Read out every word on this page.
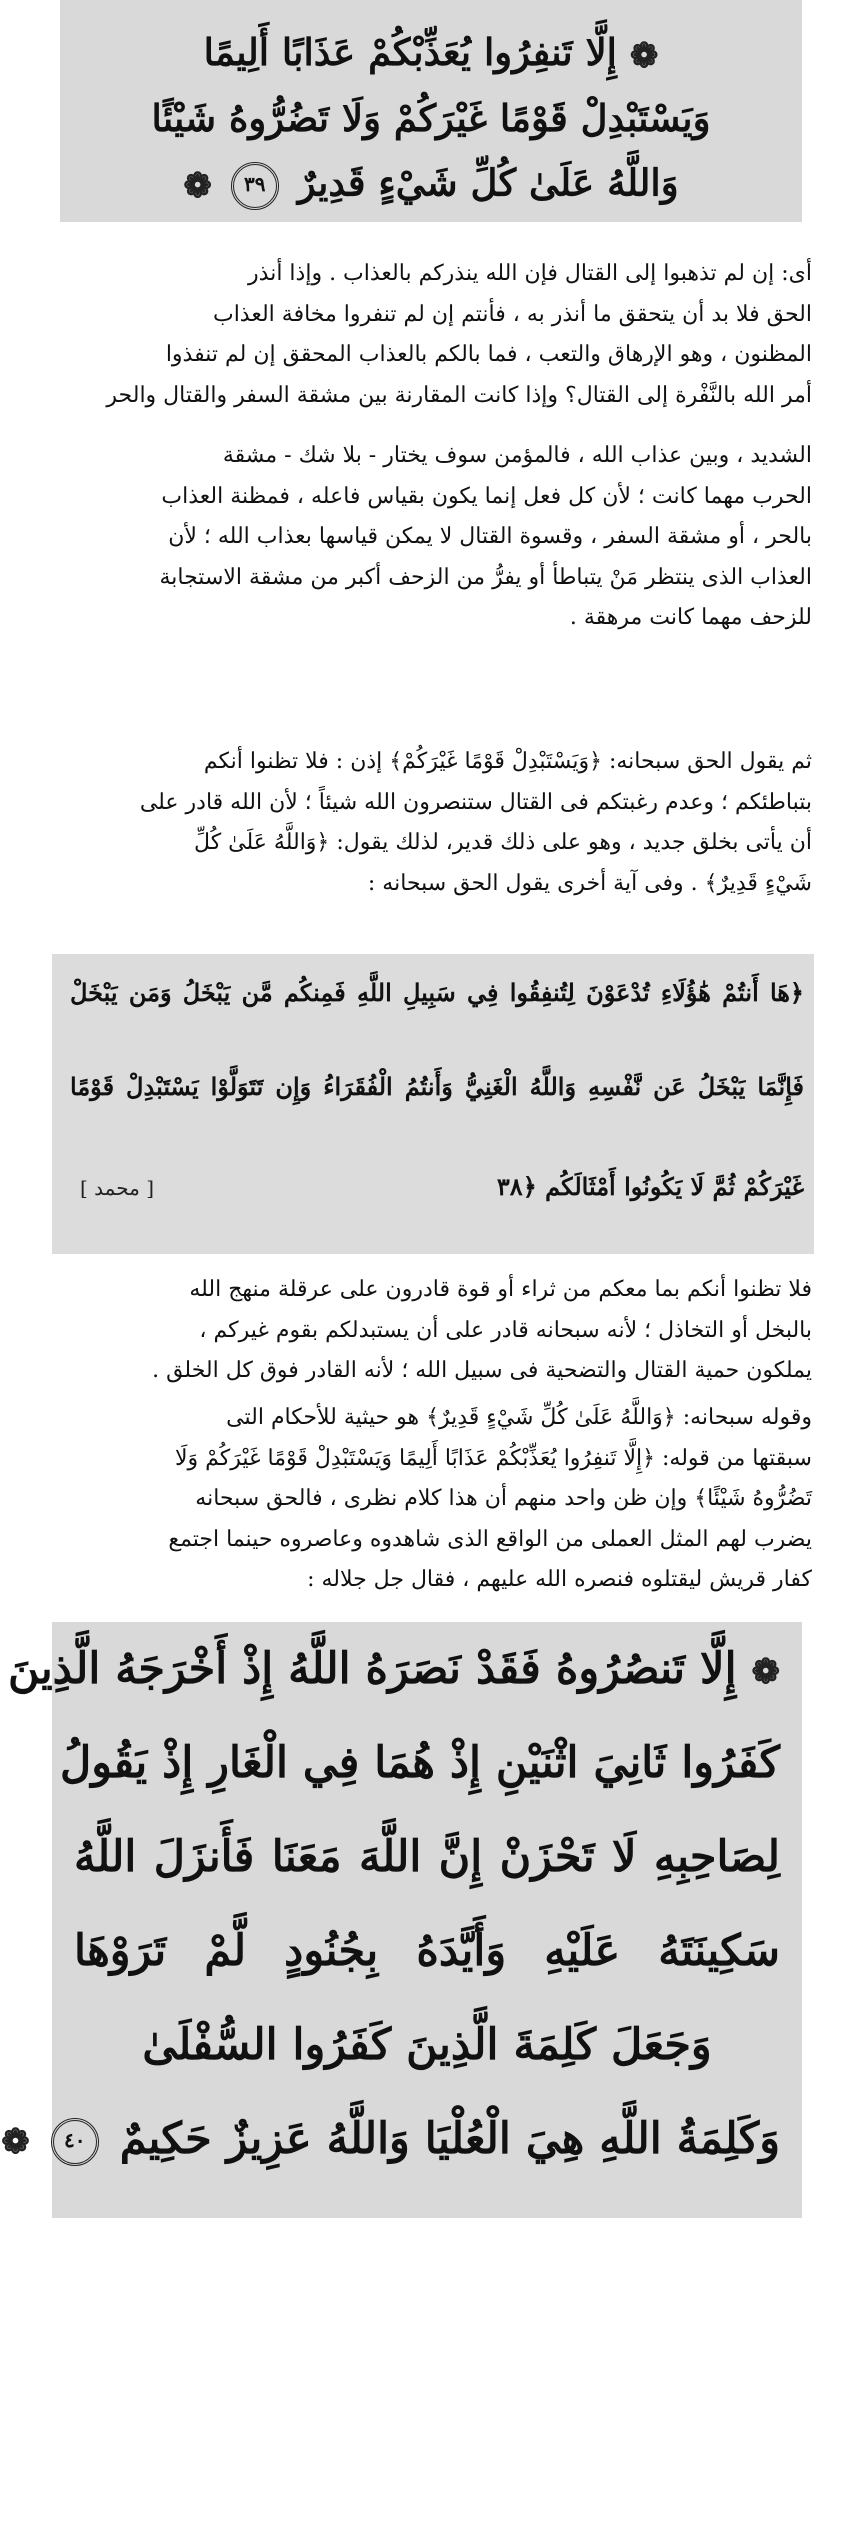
❁ إِلَّا تَنفِرُوا يُعَذِّبْكُمْ عَذَابًا أَلِيمًا
وَيَسْتَبْدِلْ قَوْمًا غَيْرَكُمْ وَلَا تَضُرُّوهُ شَيْئًا
وَاللَّهُ عَلَىٰ كُلِّ شَيْءٍ قَدِيرٌ ٣٩ ❁
أى: إن لم تذهبوا إلى القتال فإن الله ينذركم بالعذاب . وإذا أنذر
الحق فلا بد أن يتحقق ما أنذر به ، فأنتم إن لم تنفروا مخافة العذاب
المظنون ، وهو الإرهاق والتعب ، فما بالكم بالعذاب المحقق إن لم تنفذوا
أمر الله بالنَّفْرة إلى القتال؟ وإذا كانت المقارنة بين مشقة السفر والقتال والحر
الشديد ، وبين عذاب الله ، فالمؤمن سوف يختار - بلا شك - مشقة
الحرب مهما كانت ؛ لأن كل فعل إنما يكون بقياس فاعله ، فمظنة العذاب
بالحر ، أو مشقة السفر ، وقسوة القتال لا يمكن قياسها بعذاب الله ؛ لأن
العذاب الذى ينتظر مَنْ يتباطأ أو يفرُّ من الزحف أكبر من مشقة الاستجابة
للزحف مهما كانت مرهقة .
ثم يقول الحق سبحانه: ﴿وَيَسْتَبْدِلْ قَوْمًا غَيْرَكُمْ﴾ إذن : فلا تظنوا أنكم
بتباطئكم ؛ وعدم رغبتكم فى القتال ستنصرون الله شيئاً ؛ لأن الله قادر على
أن يأتى بخلق جديد ، وهو على ذلك قدير، لذلك يقول: ﴿وَاللَّهُ عَلَىٰ كُلِّ
شَيْءٍ قَدِيرٌ﴾ . وفى آية أخرى يقول الحق سبحانه :
﴿هَا أَنتُمْ هَٰؤُلَاءِ تُدْعَوْنَ لِتُنفِقُوا فِي سَبِيلِ اللَّهِ فَمِنكُم مَّن يَبْخَلُ وَمَن يَبْخَلْ
فَإِنَّمَا يَبْخَلُ عَن نَّفْسِهِ وَاللَّهُ الْغَنِيُّ وَأَنتُمُ الْفُقَرَاءُ وَإِن تَتَوَلَّوْا يَسْتَبْدِلْ قَوْمًا
غَيْرَكُمْ ثُمَّ لَا يَكُونُوا أَمْثَالَكُم ﴿٣٨
[ محمد ]
فلا تظنوا أنكم بما معكم من ثراء أو قوة قادرون على عرقلة منهج الله
بالبخل أو التخاذل ؛ لأنه سبحانه قادر على أن يستبدلكم بقوم غيركم ،
يملكون حمية القتال والتضحية فى سبيل الله ؛ لأنه القادر فوق كل الخلق .
❁ إِلَّا تَنصُرُوهُ فَقَدْ نَصَرَهُ اللَّهُ إِذْ أَخْرَجَهُ الَّذِينَ
كَفَرُوا ثَانِيَ اثْنَيْنِ إِذْ هُمَا فِي الْغَارِ إِذْ يَقُولُ
لِصَاحِبِهِ لَا تَحْزَنْ إِنَّ اللَّهَ مَعَنَا فَأَنزَلَ اللَّهُ
سَكِينَتَهُ عَلَيْهِ وَأَيَّدَهُ بِجُنُودٍ لَّمْ تَرَوْهَا
وَجَعَلَ كَلِمَةَ الَّذِينَ كَفَرُوا السُّفْلَىٰ
وَكَلِمَةُ اللَّهِ هِيَ الْعُلْيَا وَاللَّهُ عَزِيزٌ حَكِيمٌ ٤٠ ❁
وقوله سبحانه: ﴿وَاللَّهُ عَلَىٰ كُلِّ شَيْءٍ قَدِيرٌ﴾ هو حيثية للأحكام التى
سبقتها من قوله: ﴿إِلَّا تَنفِرُوا يُعَذِّبْكُمْ عَذَابًا أَلِيمًا وَيَسْتَبْدِلْ قَوْمًا غَيْرَكُمْ وَلَا
تَضُرُّوهُ شَيْئًا﴾ وإن ظن واحد منهم أن هذا كلام نظرى ، فالحق سبحانه
يضرب لهم المثل العملى من الواقع الذى شاهدوه وعاصروه حينما اجتمع
كفار قريش ليقتلوه فنصره الله عليهم ، فقال جل جلاله :
